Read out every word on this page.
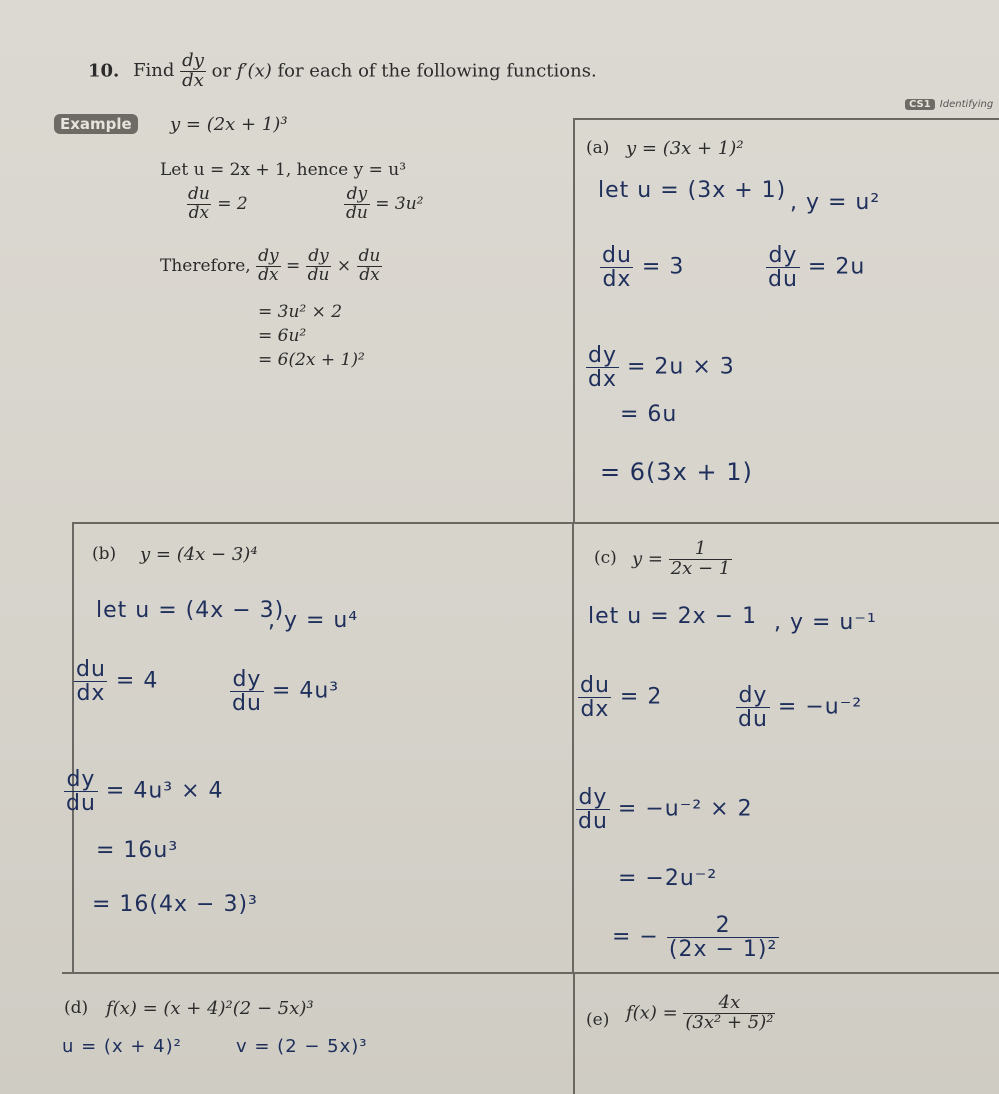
10. Find $\frac{dy}{dx}$ or f′(x) for each of the following functions.
CS1 Identifying
Example	y = (2x + 1)³
Let u = 2x + 1, hence y = u³
$\frac{du}{dx} = 2$	$\frac{dy}{du} = 3u^2$
Therefore, $\frac{dy}{dx} = \frac{dy}{du} \times \frac{du}{dx}$
= 3u² × 2
= 6u²
= 6(2x + 1)²
(a) y = (3x + 1)²
let u = (3x + 1) , y = u²
$\frac{du}{dx} = 3$	$\frac{dy}{du} = 2u$
$\frac{dy}{dx} = 2u \times 3$
= 6u
= 6(3x + 1)
(b) y = (4x − 3)⁴
let u = (4x − 3)
, y = u⁴
$\frac{du}{dx} = 4$	$\frac{dy}{du} = 4u^3$
$\frac{dy}{du} = 4u^3 \times 4$
= 16u³
= 16(4x − 3)³
(c) $y = \frac{1}{2x - 1}$
let u = 2x − 1 , y = u⁻¹
$\frac{du}{dx} = 2$	$\frac{dy}{du} = -u^{-2}$
$\frac{dy}{du} = -u^{-2} \times 2$
= −2u⁻²
= − $\frac{2}{\text{(2x − 1)²}}$
(d) f(x) = (x + 4)²(2 − 5x)³
u = (x + 4)²	v = (2 − 5x)³
(e) $f(x) = \frac{4x}{\text{(3x² + 5)²}}$
